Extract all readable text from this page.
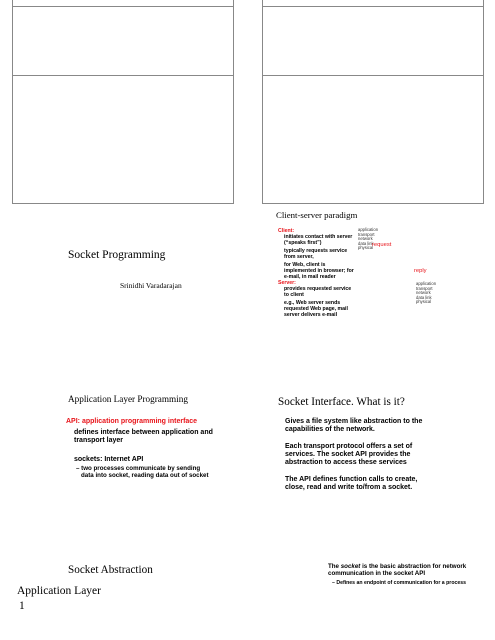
Socket Programming
Srinidhi Varadarajan
Client-server paradigm
Client:
initiates contact with server
(“speaks first”)
typically requests service
from server,
for Web, client is
implemented in browser; for
e-mail, in mail reader
Server:
provides requested service
to client
e.g., Web server sends
requested Web page, mail
server delivers e-mail
application
transport
network
data link
physical
request
reply
application
transport
network
data link
physical
Application Layer Programming
API: application programming interface
defines interface between application and
transport layer
sockets: Internet API
– two processes communicate by sending
data into socket, reading data out of socket
Socket Interface. What is it?
Gives a file system like abstraction to the
capabilities of the network.
Each transport protocol offers a set of
services. The socket API provides the
abstraction to access these services
The API defines function calls to create,
close, read and write to/from a socket.
Socket Abstraction	The socket is the basic abstraction for network
communication in the socket API
– Defines an endpoint of communication for a process
Application Layer
1
